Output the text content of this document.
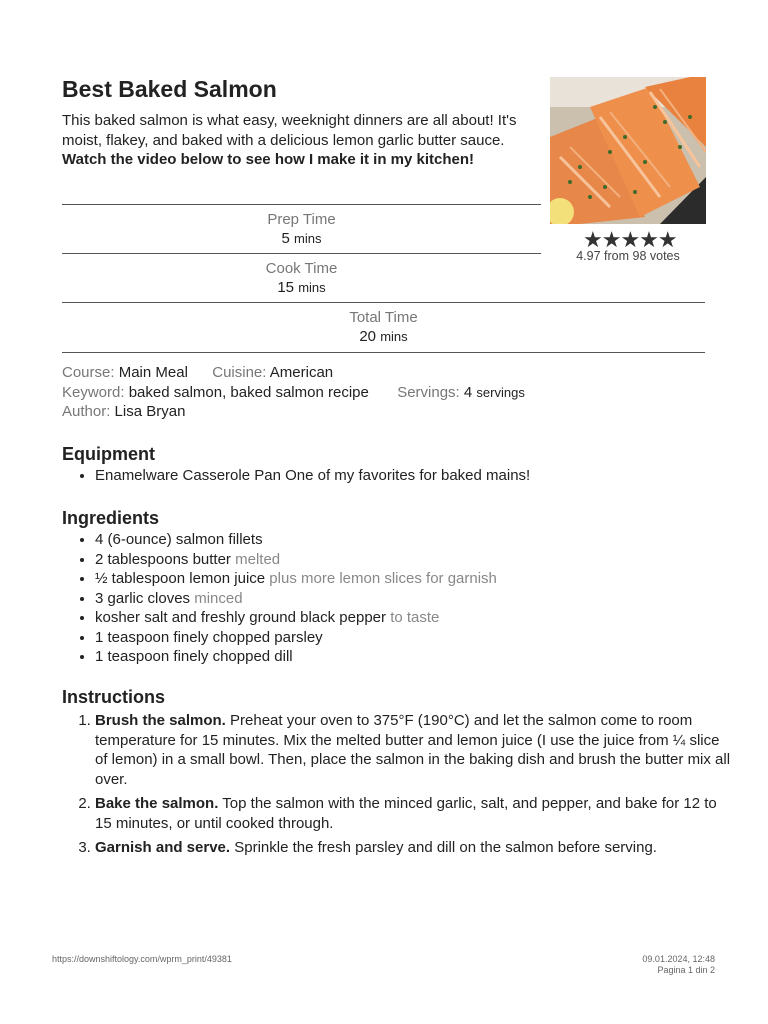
Best Baked Salmon
This baked salmon is what easy, weeknight dinners are all about! It's moist, flakey, and baked with a delicious lemon garlic butter sauce. Watch the video below to see how I make it in my kitchen!
★★★★★
4.97 from 98 votes
Prep Time
5 mins
Cook Time
15 mins
Total Time
20 mins
Course: Main Meal Cuisine: American
Keyword: baked salmon, baked salmon recipe Servings: 4 servings
Author: Lisa Bryan
Equipment
• Enamelware Casserole Pan One of my favorites for baked mains!
Ingredients
• 4 (6-ounce) salmon fillets
• 2 tablespoons butter melted
• ½ tablespoon lemon juice plus more lemon slices for garnish
• 3 garlic cloves minced
• kosher salt and freshly ground black pepper to taste
• 1 teaspoon finely chopped parsley
• 1 teaspoon finely chopped dill
Instructions
1. Brush the salmon. Preheat your oven to 375°F (190°C) and let the salmon come to room temperature for 15 minutes. Mix the melted butter and lemon juice (I use the juice from ¼ slice of lemon) in a small bowl. Then, place the salmon in the baking dish and brush the butter mix all over.
2. Bake the salmon. Top the salmon with the minced garlic, salt, and pepper, and bake for 12 to 15 minutes, or until cooked through.
3. Garnish and serve. Sprinkle the fresh parsley and dill on the salmon before serving.
https://downshiftology.com/wprm_print/49381	09.01.2024, 12:48
Pagina 1 din 2
